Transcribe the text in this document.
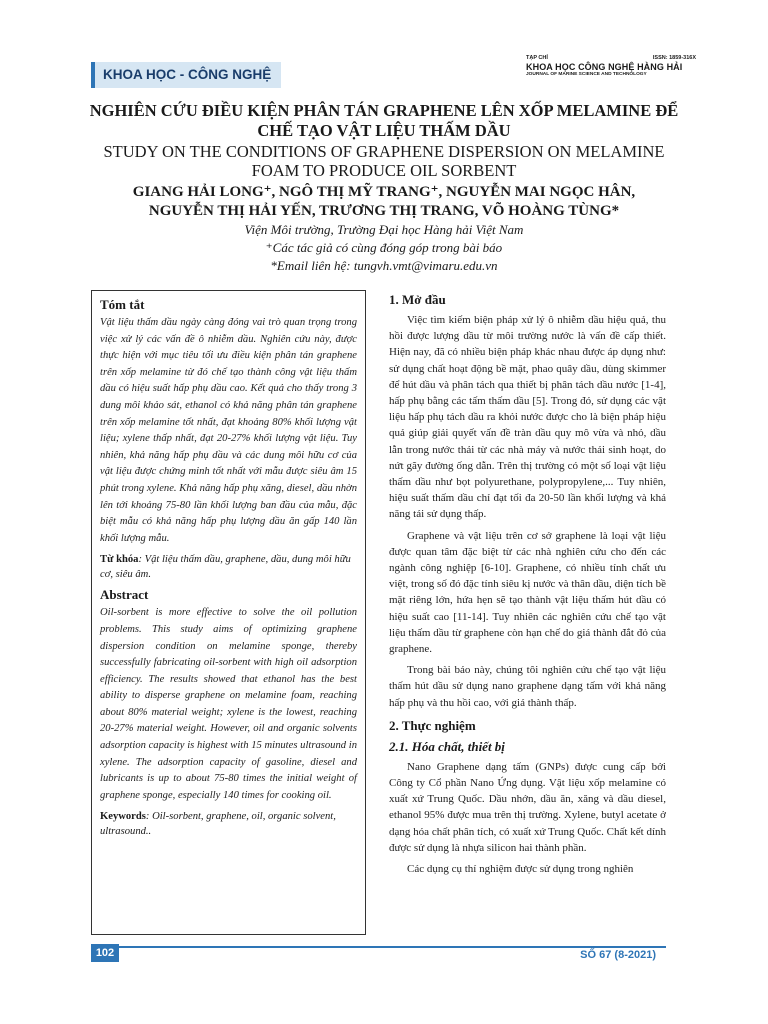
KHOA HỌC - CÔNG NGHỆ
TẠP CHÍ	ISSN: 1859-316X
KHOA HỌC CÔNG NGHỆ HÀNG HẢI
JOURNAL OF MARINE SCIENCE AND TECHNOLOGY
NGHIÊN CỨU ĐIỀU KIỆN PHÂN TÁN GRAPHENE LÊN XỐP MELAMINE ĐỂ CHẾ TẠO VẬT LIỆU THẤM DẦU
STUDY ON THE CONDITIONS OF GRAPHENE DISPERSION ON MELAMINE FOAM TO PRODUCE OIL SORBENT
GIANG HẢI LONG⁺, NGÔ THỊ MỸ TRANG⁺, NGUYỄN MAI NGỌC HÂN,
NGUYỄN THỊ HẢI YẾN, TRƯƠNG THỊ TRANG, VÕ HOÀNG TÙNG*
Viện Môi trường, Trường Đại học Hàng hải Việt Nam
⁺Các tác giả có cùng đóng góp trong bài báo
*Email liên hệ: tungvh.vmt@vimaru.edu.vn
Tóm tắt

Vật liệu thấm dầu ngày càng đóng vai trò quan trọng trong việc xử lý các vấn đề ô nhiễm dầu. Nghiên cứu này, được thực hiện với mục tiêu tối ưu điều kiện phân tán graphene trên xốp melamine từ đó chế tạo thành công vật liệu thấm dầu có hiệu suất hấp phụ dầu cao. Kết quả cho thấy trong 3 dung môi khảo sát, ethanol có khả năng phân tán graphene trên xốp melamine tốt nhất, đạt khoảng 80% khối lượng vật liệu; xylene thấp nhất, đạt 20-27% khối lượng vật liệu. Tuy nhiên, khả năng hấp phụ dầu và các dung môi hữu cơ của vật liệu được chứng minh tốt nhất với mẫu được siêu âm 15 phút trong xylene. Khả năng hấp phụ xăng, diesel, dầu nhờn lên tới khoảng 75-80 lần khối lượng ban đầu của mẫu, đặc biệt mẫu có khả năng hấp phụ lượng dầu ăn gấp 140 lần khối lượng mẫu.

Từ khóa: Vật liệu thấm dầu, graphene, dầu, dung môi hữu cơ, siêu âm.

Abstract

Oil-sorbent is more effective to solve the oil pollution problems. This study aims of optimizing graphene dispersion condition on melamine sponge, thereby successfully fabricating oil-sorbent with high oil adsorption efficiency. The results showed that ethanol has the best ability to disperse graphene on melamine foam, reaching about 80% material weight; xylene is the lowest, reaching 20-27% material weight. However, oil and organic solvents adsorption capacity is highest with 15 minutes ultrasound in xylene. The adsorption capacity of gasoline, diesel and lubricants is up to about 75-80 times the initial weight of graphene sponge, especially 140 times for cooking oil.

Keywords: Oil-sorbent, graphene, oil, organic solvent, ultrasound..

1. Mở đầu

Việc tìm kiếm biện pháp xử lý ô nhiễm dầu hiệu quả, thu hồi được lượng dầu từ môi trường nước là vấn đề cấp thiết. Hiện nay, đã có nhiều biện pháp khác nhau được áp dụng như: sử dụng chất hoạt động bề mặt, phao quây dầu, dùng skimmer để hút dầu và phân tách qua thiết bị phân tách dầu nước [1-4], hấp phụ bằng các tấm thấm dầu [5]. Trong đó, sử dụng các vật liệu hấp phụ tách dầu ra khỏi nước được cho là biện pháp hiệu quả giúp giải quyết vấn đề tràn dầu quy mô vừa và nhỏ, dầu lẫn trong nước thải từ các nhà máy và nước thải sinh hoạt, do nứt gãy đường ống dẫn. Trên thị trường có một số loại vật liệu thấm dầu như bọt polyurethane, polypropylene,... Tuy nhiên, hiệu suất thấm dầu chỉ đạt tối đa 20-50 lần khối lượng và khả năng tái sử dụng thấp.

Graphene và vật liệu trên cơ sở graphene là loại vật liệu được quan tâm đặc biệt từ các nhà nghiên cứu cho đến các ngành công nghiệp [6-10]. Graphene, có nhiều tính chất ưu việt, trong số đó đặc tính siêu kị nước và thân dầu, diện tích bề mặt riêng lớn, hứa hẹn sẽ tạo thành vật liệu thấm hút dầu có hiệu suất cao [11-14]. Tuy nhiên các nghiên cứu chế tạo vật liệu thấm dầu từ graphene còn hạn chế do giá thành đắt đỏ của graphene.

Trong bài báo này, chúng tôi nghiên cứu chế tạo vật liệu thấm hút dầu sử dụng nano graphene dạng tấm với khả năng hấp phụ và thu hồi cao, với giá thành thấp.

2. Thực nghiệm
2.1. Hóa chất, thiết bị

Nano Graphene dạng tấm (GNPs) được cung cấp bởi Công ty Cổ phần Nano Ứng dụng. Vật liệu xốp melamine có xuất xứ Trung Quốc. Dầu nhớn, dầu ăn, xăng và dầu diesel, ethanol 95% được mua trên thị trường. Xylene, butyl acetate ở dạng hóa chất phân tích, có xuất xứ Trung Quốc. Chất kết dính được sử dụng là nhựa silicon hai thành phần.

Các dụng cụ thí nghiệm được sử dụng trong nghiên

102	SỐ 67 (8-2021)
